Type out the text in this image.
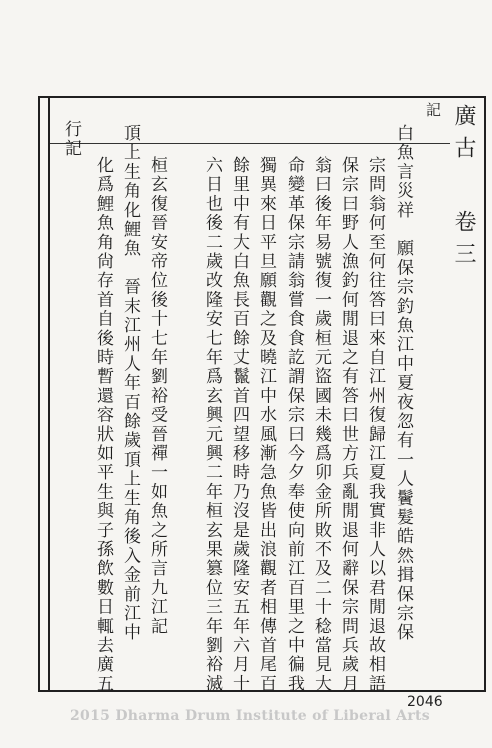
廣古
卷三
記
白魚言災祥　願保宗釣魚江中夏夜忽有一人鬢髮皓然揖保宗保
宗問翁何至何往答曰來自江州復歸江夏我實非人以君閒退故相語
保宗曰野人漁釣何閒退之有答曰世方兵亂閒退何辭保宗問兵歲月
翁曰後年易號復一歲桓元盜國未幾爲卯金所敗不及二十稔當見大
命變革保宗請翁嘗食食訖謂保宗曰今夕奉使向前江百里之中徧我
獨異來日平旦願觀之及曉江中水風漸急魚皆出浪觀者相傳首尾百
餘里中有大白魚長百餘丈鬣首四望移時乃沒是歲隆安五年六月十
六日也後二歲改隆安七年爲玄興元興二年桓玄果篡位三年劉裕滅
桓玄復晉安帝位後十七年劉裕受晉禪一如魚之所言九江記
頂上生角化鯉魚　晉末江州人年百餘歲頂上生角後入金前江中
化爲鯉魚角尙存首自後時暫還容狀如平生與子孫飲數日輒去廣五
行記
2046
2015 Dharma Drum Institute of Liberal Arts
